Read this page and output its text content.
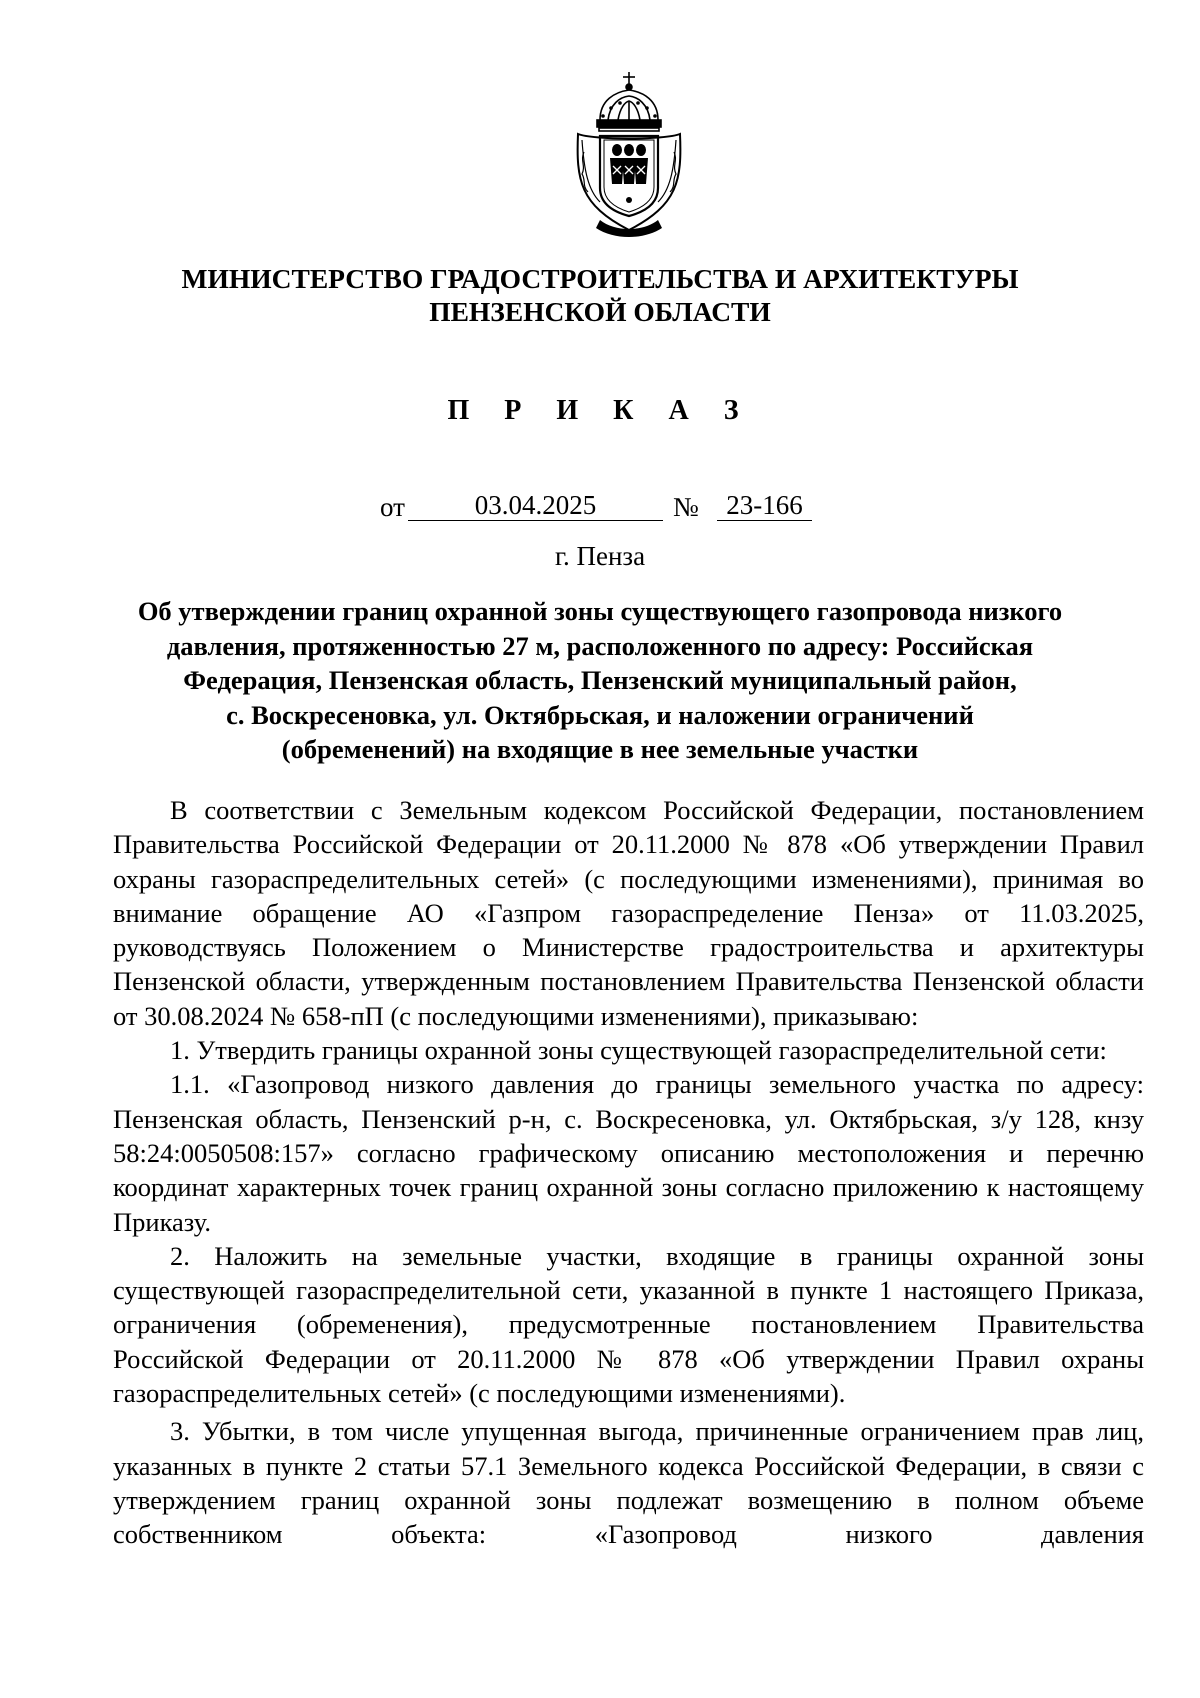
МИНИСТЕРСТВО ГРАДОСТРОИТЕЛЬСТВА И АРХИТЕКТУРЫ
ПЕНЗЕНСКОЙ ОБЛАСТИ
П Р И К А З
от	03.04.2025	№	23-166
г. Пенза
Об утверждении границ охранной зоны существующего газопровода низкого
давления, протяженностью 27 м, расположенного по адресу: Российская
Федерация, Пензенская область, Пензенский муниципальный район,
с. Воскресеновка, ул. Октябрьская, и наложении ограничений
(обременений) на входящие в нее земельные участки

В соответствии с Земельным кодексом Российской Федерации, постановлением Правительства Российской Федерации от 20.11.2000 № 878 «Об утверждении Правил охраны газораспределительных сетей» (с последующими изменениями), принимая во внимание обращение АО «Газпром газораспределение Пенза» от 11.03.2025, руководствуясь Положением о Министерстве градостроительства и архитектуры Пензенской области, утвержденным постановлением Правительства Пензенской области от 30.08.2024 № 658-пП (с последующими изменениями), приказываю:

1. Утвердить границы охранной зоны существующей газораспределительной сети:

1.1. «Газопровод низкого давления до границы земельного участка по адресу: Пензенская область, Пензенский р-н, с. Воскресеновка, ул. Октябрьская, з/у 128, кнзу 58:24:0050508:157» согласно графическому описанию местоположения и перечню координат характерных точек границ охранной зоны согласно приложению к настоящему Приказу.

2. Наложить на земельные участки, входящие в границы охранной зоны существующей газораспределительной сети, указанной в пункте 1 настоящего Приказа, ограничения (обременения), предусмотренные постановлением Правительства Российской Федерации от 20.11.2000 № 878 «Об утверждении Правил охраны газораспределительных сетей» (с последующими изменениями).

3. Убытки, в том числе упущенная выгода, причиненные ограничением прав лиц, указанных в пункте 2 статьи 57.1 Земельного кодекса Российской Федерации, в связи с утверждением границ охранной зоны подлежат возмещению в полном объеме собственником объекта: «Газопровод низкого давления
